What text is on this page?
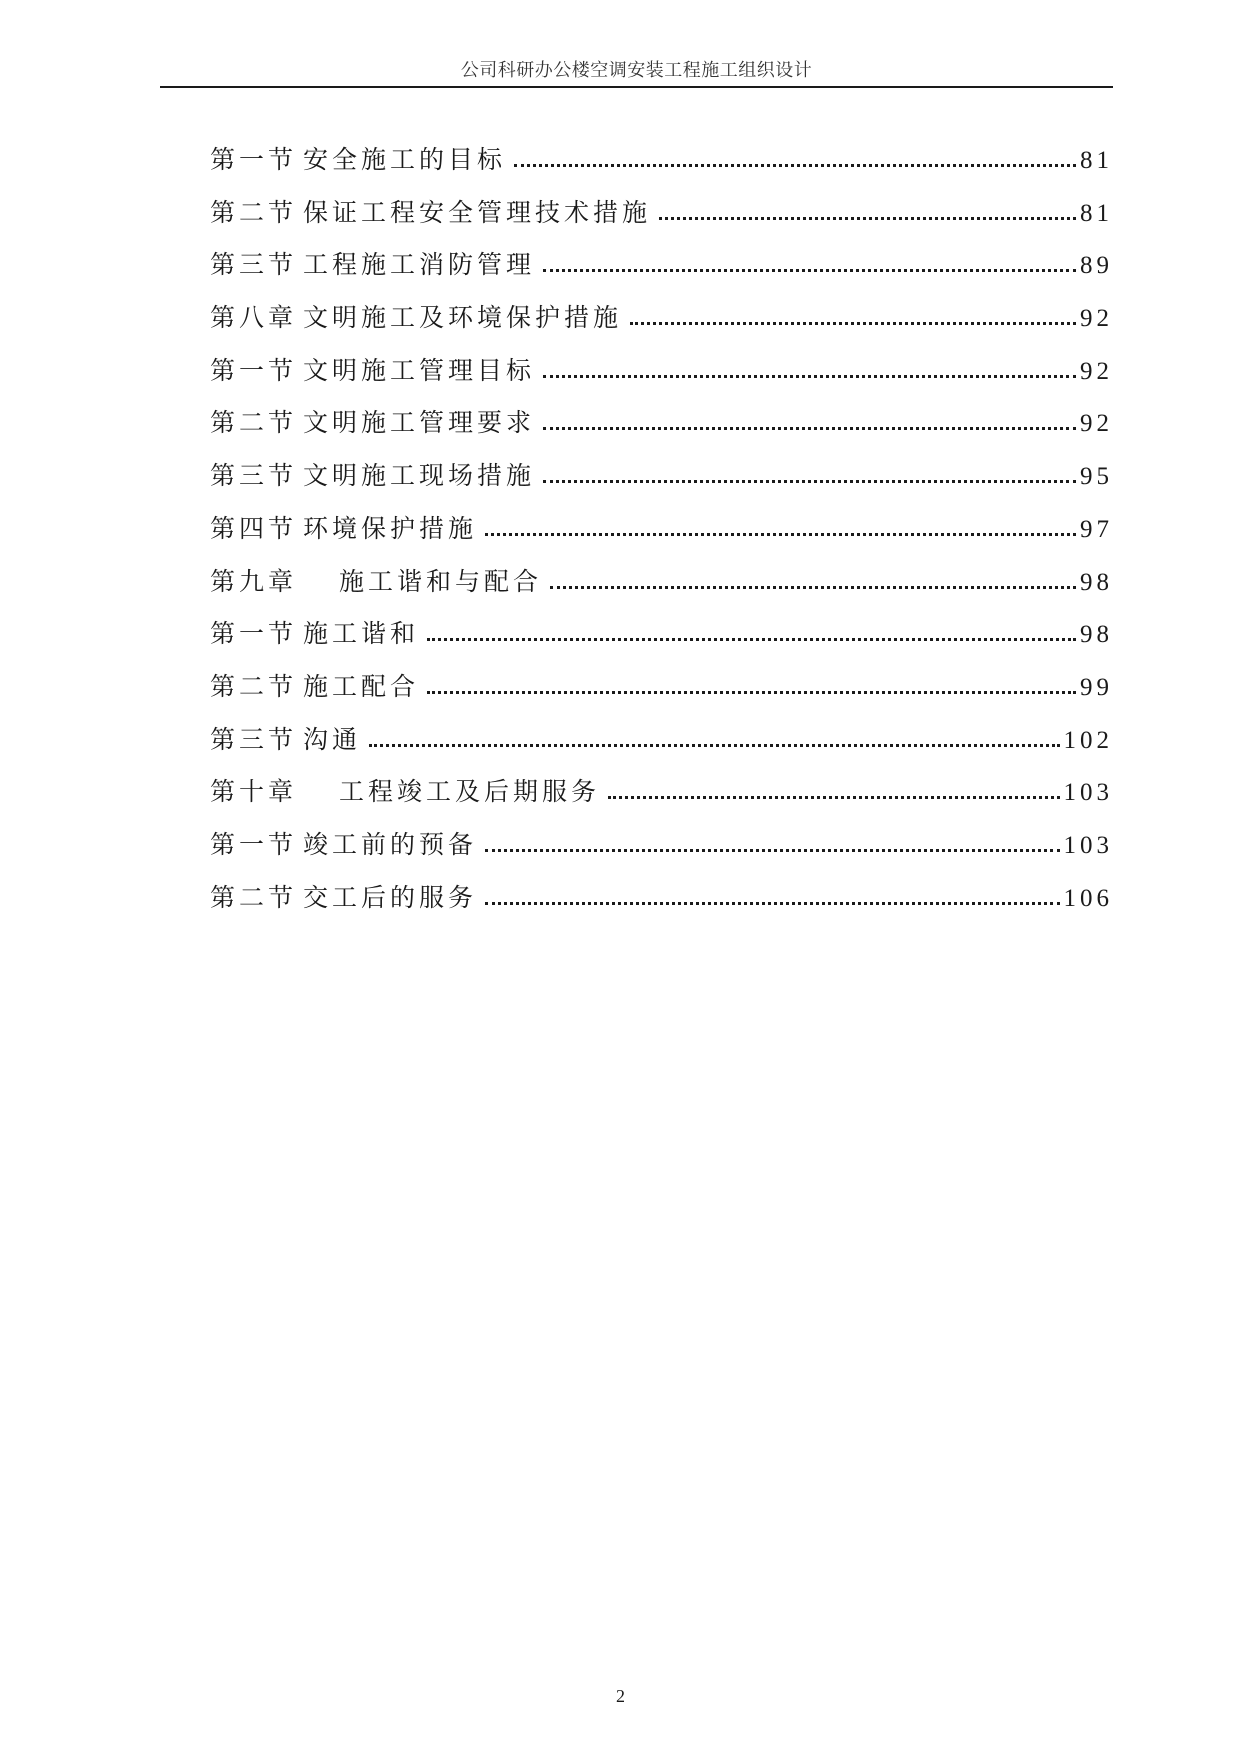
公司科研办公楼空调安装工程施工组织设计
第一节 安全施工的目标	81
第二节 保证工程安全管理技术措施	81
第三节 工程施工消防管理	89
第八章 文明施工及环境保护措施	92
第一节 文明施工管理目标	92
第二节 文明施工管理要求	92
第三节 文明施工现场措施	95
第四节 环境保护措施	97
第九章	施工谐和与配合	98
第一节 施工谐和	98
第二节 施工配合	99
第三节 沟通	102
第十章	工程竣工及后期服务	103
第一节 竣工前的预备	103
第二节 交工后的服务	106
2
